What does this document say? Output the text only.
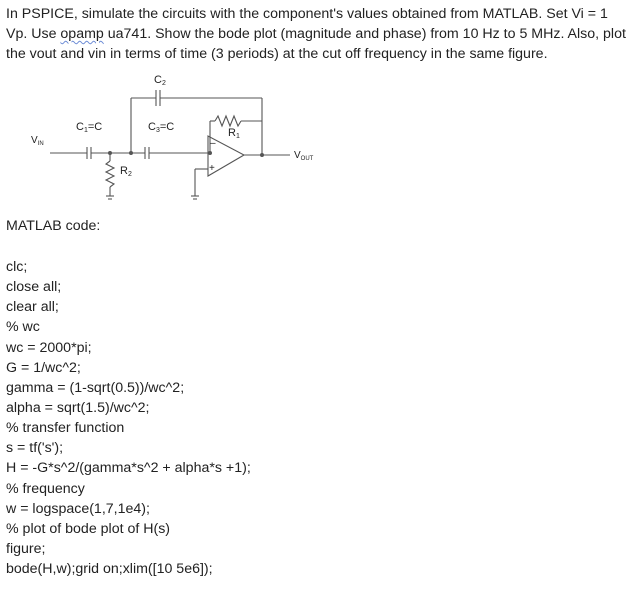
In PSPICE, simulate the circuits with the component's values obtained from MATLAB. Set Vi = 1 Vp. Use opamp ua741. Show the bode plot (magnitude and phase) from 10 Hz to 5 MHz. Also, plot the vout and vin in terms of time (3 periods) at the cut off frequency in the same figure.
C2
C1=C	C3=C	R1
R2
$V_{IN}$
$V_{OUT}$
–
+
MATLAB code:
clc;
close all;
clear all;
% wc
wc = 2000*pi;
G = 1/wc^2;
gamma = (1-sqrt(0.5))/wc^2;
alpha = sqrt(1.5)/wc^2;
% transfer function
s = tf('s');
H = -G*s^2/(gamma*s^2 + alpha*s +1);
% frequency
w = logspace(1,7,1e4);
% plot of bode plot of H(s)
figure;
bode(H,w);grid on;xlim([10 5e6]);
